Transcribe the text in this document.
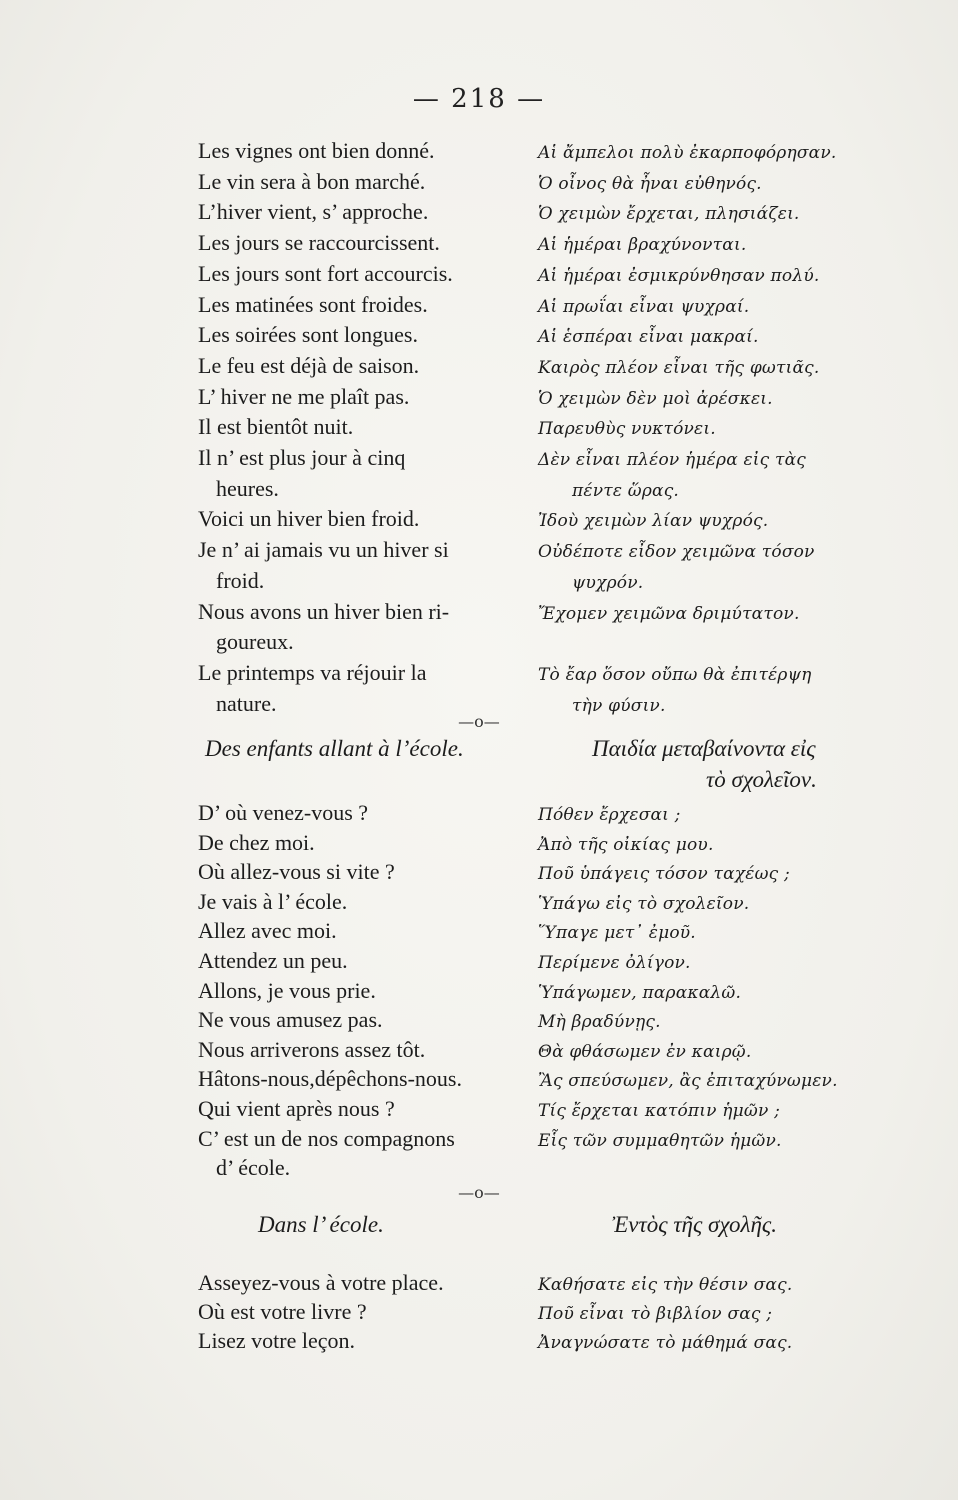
— 218 —
Les vignes ont bien donné.	Αἱ ἄμπελοι πολὺ ἐκαρποφόρησαν.
Le vin sera à bon marché.	Ὁ οἶνος θὰ ἦναι εὐθηνός.
L’hiver vient, s’ approche.	Ὁ χειμὼν ἔρχεται, πλησιάζει.
Les jours se raccourcissent.	Αἱ ἡμέραι βραχύνονται.
Les jours sont fort accourcis.	Αἱ ἡμέραι ἐσμικρύνθησαν πολύ.
Les matinées sont froides.	Αἱ πρωΐαι εἶναι ψυχραί.
Les soirées sont longues.	Αἱ ἑσπέραι εἶναι μακραί.
Le feu est déjà de saison.	Καιρὸς πλέον εἶναι τῆς φωτιᾶς.
L’ hiver ne me plaît pas.	Ὁ χειμὼν δὲν μοὶ ἀρέσκει.
Il est bientôt nuit.	Παρευθὺς νυκτόνει.
Il n’ est plus jour à cinq	Δὲν εἶναι πλέον ἡμέρα εἰς τὰς
heures.	πέντε ὥρας.
Voici un hiver bien froid.	Ἰδοὺ χειμὼν λίαν ψυχρός.
Je n’ ai jamais vu un hiver si	Οὐδέποτε εἶδον χειμῶνα τόσον
froid.	ψυχρόν.
Nous avons un hiver bien ri-	Ἔχομεν χειμῶνα δριμύτατον.
goureux.
Le printemps va réjouir la	Τὸ ἔαρ ὅσον οὔπω θὰ ἐπιτέρψη
nature.	τὴν φύσιν.
—o—
Des enfants allant à l’école.	Παιδία μεταβαίνοντα εἰς
τὸ σχολεῖον.
D’ où venez-vous ?	Πόθεν ἔρχεσαι ;
De chez moi.	Ἀπὸ τῆς οἰκίας μου.
Où allez-vous si vite ?	Ποῦ ὑπάγεις τόσον ταχέως ;
Je vais à l’ école.	Ὑπάγω εἰς τὸ σχολεῖον.
Allez avec moi.	Ὕπαγε μετ᾽ ἐμοῦ.
Attendez un peu.	Περίμενε ὀλίγον.
Allons, je vous prie.	Ὑπάγωμεν, παρακαλῶ.
Ne vous amusez pas.	Μὴ βραδύνῃς.
Nous arriverons assez tôt.	Θὰ φθάσωμεν ἐν καιρῷ.
Hâtons-nous,dépêchons-nous.	Ἂς σπεύσωμεν, ἂς ἐπιταχύνωμεν.
Qui vient après nous ?	Τίς ἔρχεται κατόπιν ἡμῶν ;
C’ est un de nos compagnons	Εἷς τῶν συμμαθητῶν ἡμῶν.
d’ école.
—o—
Dans l’ école.	Ἐντὸς τῆς σχολῆς.
Asseyez-vous à votre place.	Καθήσατε εἰς τὴν θέσιν σας.
Où est votre livre ?	Ποῦ εἶναι τὸ βιβλίον σας ;
Lisez votre leçon.	Ἀναγνώσατε τὸ μάθημά σας.
